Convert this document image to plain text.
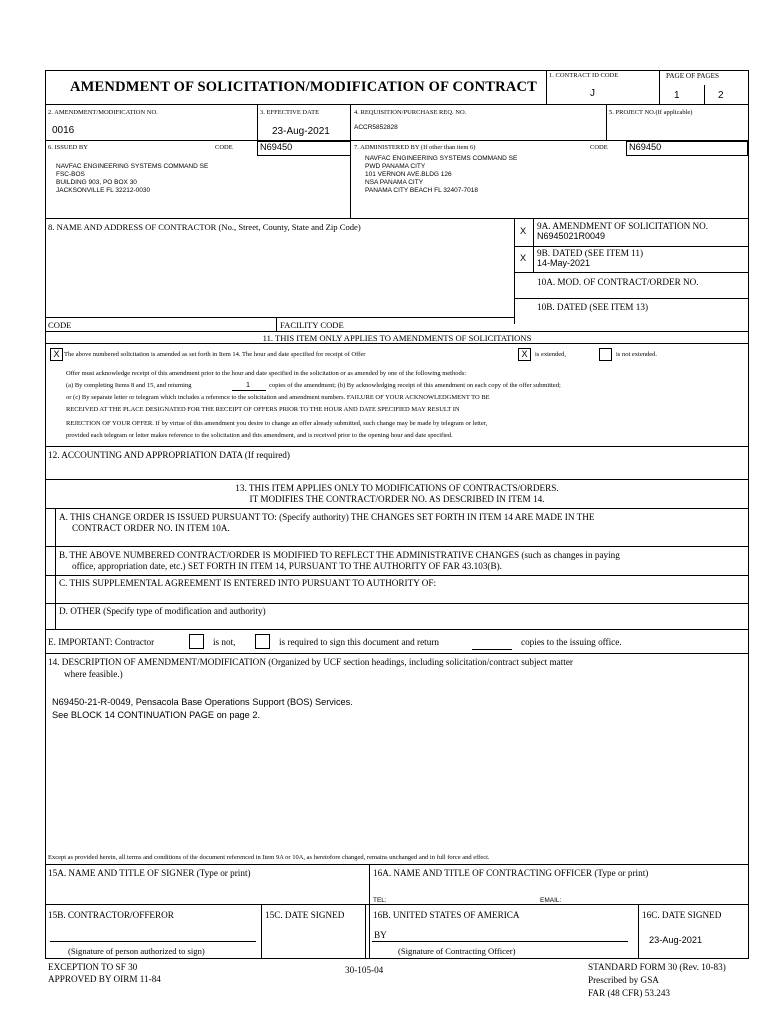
AMENDMENT OF SOLICITATION/MODIFICATION OF CONTRACT
1. CONTRACT ID CODE
J
PAGE OF PAGES
1	2
2. AMENDMENT/MODIFICATION NO.
0016
3. EFFECTIVE DATE
23-Aug-2021
4. REQUISITION/PURCHASE REQ. NO.
ACCR5852828
5. PROJECT NO.(If applicable)
6. ISSUED BY	CODE	N69450
NAVFAC ENGINEERING SYSTEMS COMMAND SE
FSC-BOS
BUILDING 903, PO BOX 30
JACKSONVILLE FL 32212-0030
7. ADMINISTERED BY (If other than item 6)	CODE	N69450
NAVFAC ENGINEERING SYSTEMS COMMAND SE
PWD PANAMA CITY
101 VERNON AVE.BLDG 126
NSA PANAMA CITY
PANAMA CITY BEACH FL 32407-7018
8. NAME AND ADDRESS OF CONTRACTOR (No., Street, County, State and Zip Code)
CODE	FACILITY CODE
X 9A. AMENDMENT OF SOLICITATION NO.
N6945021R0049
X 9B. DATED (SEE ITEM 11)
14-May-2021
10A. MOD. OF CONTRACT/ORDER NO.
10B. DATED (SEE ITEM 13)
11. THIS ITEM ONLY APPLIES TO AMENDMENTS OF SOLICITATIONS
X The above numbered solicitation is amended as set forth in Item 14. The hour and date specified for receipt of Offer	X	is extended,	is not extended.
Offer must acknowledge receipt of this amendment prior to the hour and date specified in the solicitation or as amended by one of the following methods:
(a) By completing Items 8 and 15, and returning	1	copies of the amendment; (b) By acknowledging receipt of this amendment on each copy of the offer submitted;
or (c) By separate letter or telegram which includes a reference to the solicitation and amendment numbers. FAILURE OF YOUR ACKNOWLEDGMENT TO BE
RECEIVED AT THE PLACE DESIGNATED FOR THE RECEIPT OF OFFERS PRIOR TO THE HOUR AND DATE SPECIFIED MAY RESULT IN
REJECTION OF YOUR OFFER. If by virtue of this amendment you desire to change an offer already submitted, such change may be made by telegram or letter,
provided each telegram or letter makes reference to the solicitation and this amendment, and is received prior to the opening hour and date specified.
12. ACCOUNTING AND APPROPRIATION DATA (If required)
13. THIS ITEM APPLIES ONLY TO MODIFICATIONS OF CONTRACTS/ORDERS.
IT MODIFIES THE CONTRACT/ORDER NO. AS DESCRIBED IN ITEM 14.
A. THIS CHANGE ORDER IS ISSUED PURSUANT TO: (Specify authority) THE CHANGES SET FORTH IN ITEM 14 ARE MADE IN THE
CONTRACT ORDER NO. IN ITEM 10A.
B. THE ABOVE NUMBERED CONTRACT/ORDER IS MODIFIED TO REFLECT THE ADMINISTRATIVE CHANGES (such as changes in paying
office, appropriation date, etc.) SET FORTH IN ITEM 14, PURSUANT TO THE AUTHORITY OF FAR 43.103(B).
C. THIS SUPPLEMENTAL AGREEMENT IS ENTERED INTO PURSUANT TO AUTHORITY OF:
D. OTHER (Specify type of modification and authority)
E. IMPORTANT: Contractor	is not,	is required to sign this document and return	copies to the issuing office.
14. DESCRIPTION OF AMENDMENT/MODIFICATION (Organized by UCF section headings, including solicitation/contract subject matter
where feasible.)
N69450-21-R-0049, Pensacola Base Operations Support (BOS) Services.
See BLOCK 14 CONTINUATION PAGE on page 2.
Except as provided herein, all terms and conditions of the document referenced in Item 9A or 10A, as heretofore changed, remains unchanged and in full force and effect.
15A. NAME AND TITLE OF SIGNER (Type or print)	16A. NAME AND TITLE OF CONTRACTING OFFICER (Type or print)
TEL:	EMAIL:
15B. CONTRACTOR/OFFEROR
(Signature of person authorized to sign)
15C. DATE SIGNED	16B. UNITED STATES OF AMERICA
BY
(Signature of Contracting Officer)
16C. DATE SIGNED
23-Aug-2021
EXCEPTION TO SF 30
APPROVED BY OIRM 11-84
30-105-04	STANDARD FORM 30 (Rev. 10-83)
Prescribed by GSA
FAR (48 CFR) 53.243
